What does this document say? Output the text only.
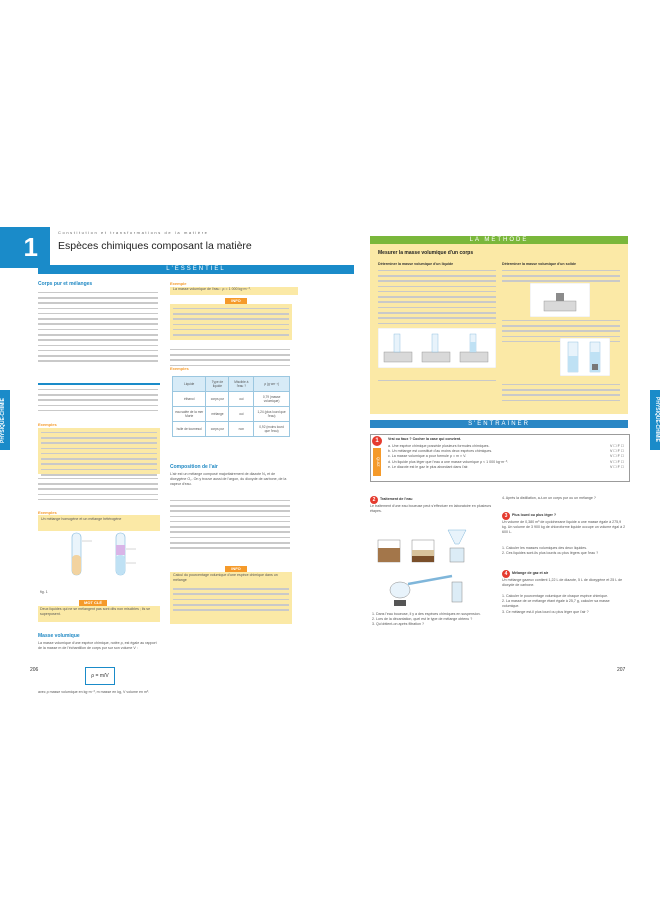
Constitution et transformations de la matière
1 Espèces chimiques composant la matière
L'ESSENTIEL
PHYSIQUE-CHIMIE
Corps pur et mélanges
Exemples
Exemples
Un mélange homogène et un mélange hétérogène
fig. 1
MOT CLÉ
Deux liquides qui ne se mélangent pas sont dits non miscibles ; ils se superposent.
Masse volumique
La masse volumique d'une espèce chimique, notée ρ, est égale au rapport de la masse m de l'échantillon de corps pur sur son volume V :
ρ = m/V
avec ρ masse volumique en kg·m⁻³, m masse en kg, V volume en m³.
Exemple
La masse volumique de l'eau : ρ = 1 000 kg·m⁻³.
INFO
Exemples
Liquide	Type de liquide	Miscible à l'eau ?	ρ (g·cm⁻³)
éthanol	corps pur	oui	0,79 (masse volumique)
eau salée de la mer Morte	mélange	oui	1,24 (plus lourd que l'eau)
huile de tournesol	corps pur	non	0,92 (moins lourd que l'eau)
Composition de l'air
L'air est un mélange composé majoritairement de diazote N₂ et de dioxygène O₂. On y trouve aussi de l'argon, du dioxyde de carbone, de la vapeur d'eau.
INFO
Calcul du pourcentage volumique d'une espèce chimique dans un mélange
206
LA MÉTHODE
Mesurer la masse volumique d'un corps
Déterminer la masse volumique d'un liquide	Déterminer la masse volumique d'un solide
S'ENTRAÎNER	PHYSIQUE-CHIMIE
1
QUIZ
Vrai ou faux ? Cocher la case qui convient.
a. Une espèce chimique possède plusieurs formules chimiques.	V ☐ F ☐
b. Un mélange est constitué d'au moins deux espèces chimiques.	V ☐ F ☐
c. La masse volumique a pour formule ρ = m × V.	V ☐ F ☐
d. Un liquide plus léger que l'eau a une masse volumique ρ < 1 000 kg·m⁻³.	V ☐ F ☐
e. Le diazote est le gaz le plus abondant dans l'air.	V ☐ F ☐
2	Traitement de l'eau
Le traitement d'une eau boueuse peut s'effectuer en laboratoire en plusieurs étapes.
1. Dans l'eau boueuse, il y a des espèces chimiques en suspension.
2. Lors de la décantation, quel est le type de mélange obtenu ?
3. Qu'obtient-on après filtration ?
4. Après la distillation, a-t-on un corps pur ou un mélange ?
3	Plus lourd ou plus léger ?
Un volume de 0,380 m³ de cyclohexane liquide a une masse égale à 275,9 kg. Un volume de 3 900 kg de chloroforme liquide occupe un volume égal à 2 600 L.
1. Calculer les masses volumiques des deux liquides.
2. Ces liquides sont-ils plus lourds ou plus légers que l'eau ?
4	Mélange de gaz et air
Un mélange gazeux contient 1,22 L de diazote, 5 L de dioxygène et 25 L de dioxyde de carbone.
1. Calculer le pourcentage volumique de chaque espèce chimique.
2. La masse de ce mélange étant égale à 25,7 g, calculer sa masse volumique.
3. Ce mélange est-il plus lourd ou plus léger que l'air ?
207
